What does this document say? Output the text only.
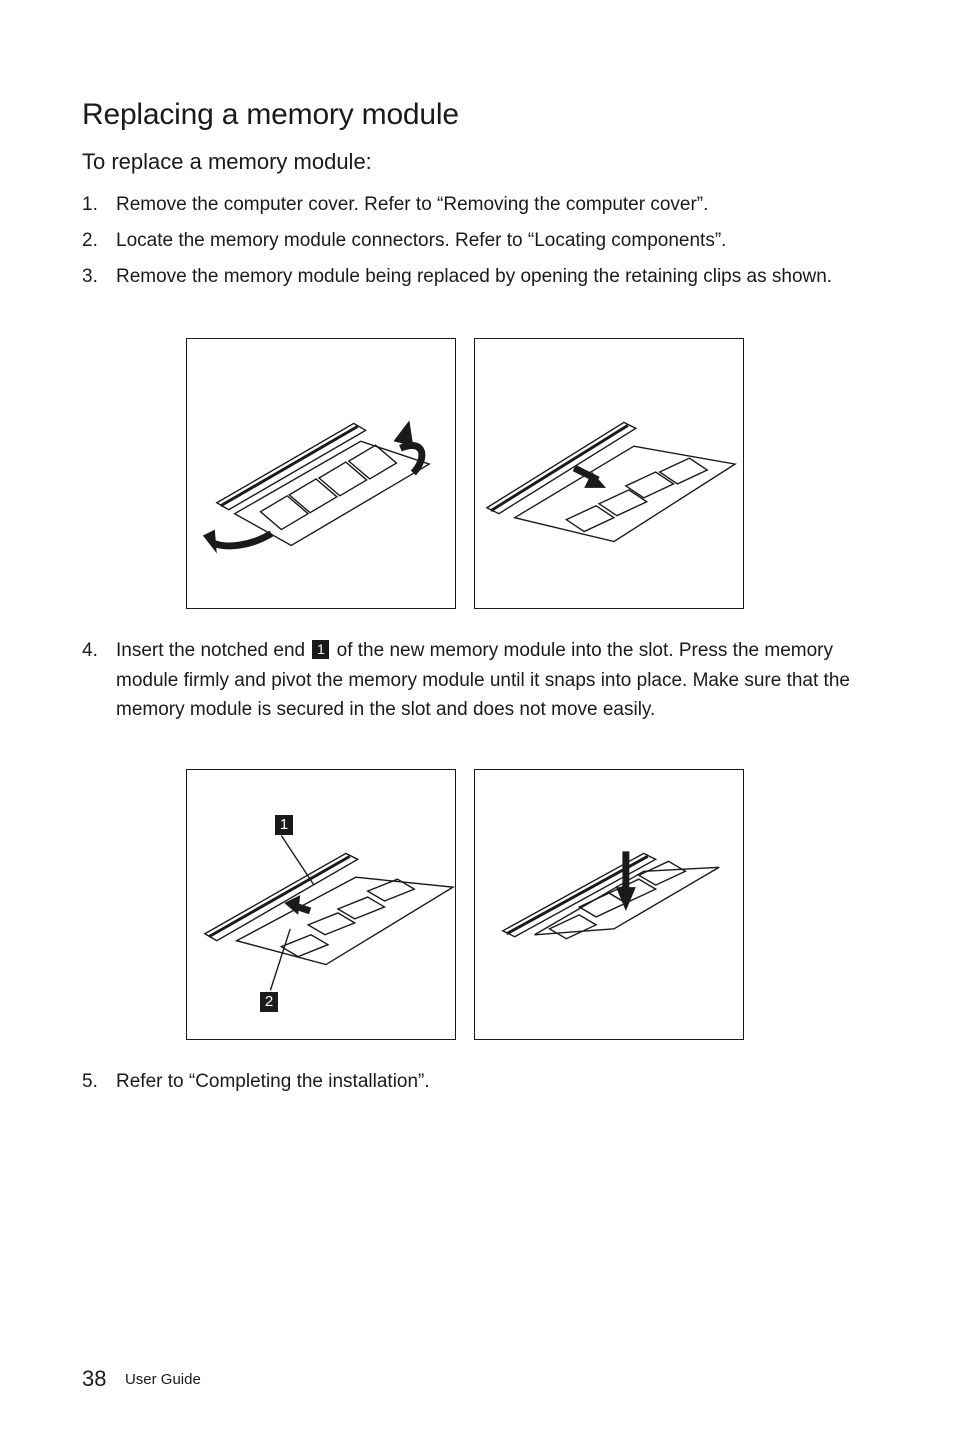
Replacing a memory module
To replace a memory module:
1. Remove the computer cover. Refer to “Removing the computer cover”.
2. Locate the memory module connectors. Refer to “Locating components”.
3. Remove the memory module being replaced by opening the retaining clips as shown.
4. Insert the notched end 1 of the new memory module into the slot. Press the memory module firmly and pivot the memory module until it snaps into place. Make sure that the memory module is secured in the slot and does not move easily.
1
2
5. Refer to “Completing the installation”.
38 User Guide
